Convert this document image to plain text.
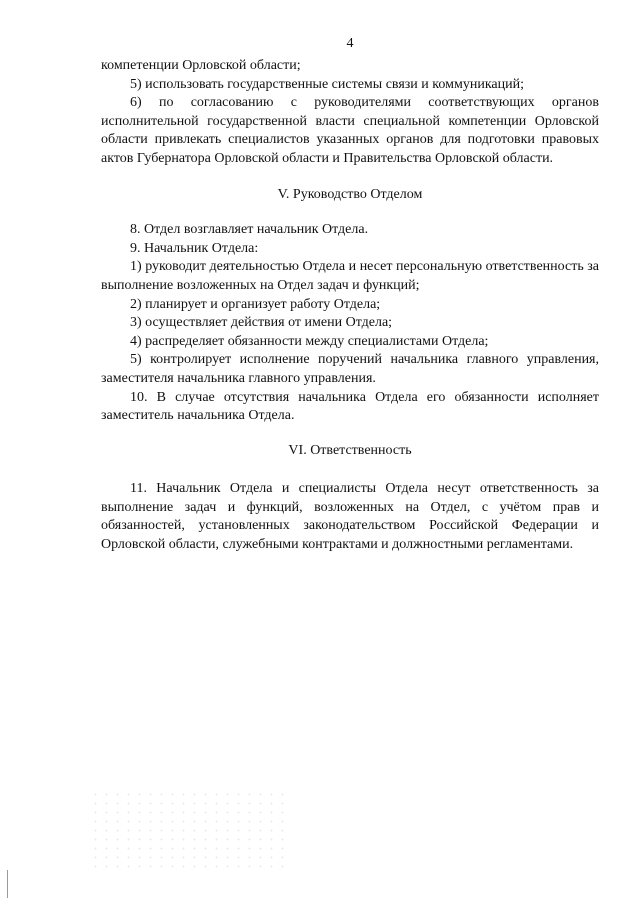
4

компетенции Орловской области;

5) использовать государственные системы связи и коммуникаций;

6) по согласованию с руководителями соответствующих органов исполнительной государственной власти специальной компетенции Орловской области привлекать специалистов указанных органов для подготовки правовых актов Губернатора Орловской области и Правительства Орловской области.

V. Руководство Отделом

8. Отдел возглавляет начальник Отдела.

9. Начальник Отдела:

1) руководит деятельностью Отдела и несет персональную ответственность за выполнение возложенных на Отдел задач и функций;

2) планирует и организует работу Отдела;

3) осуществляет действия от имени Отдела;

4) распределяет обязанности между специалистами Отдела;

5) контролирует исполнение поручений начальника главного управления, заместителя начальника главного управления.

10. В случае отсутствия начальника Отдела его обязанности исполняет заместитель начальника Отдела.

VI. Ответственность

11. Начальник Отдела и специалисты Отдела несут ответственность за выполнение задач и функций, возложенных на Отдел, с учётом прав и обязанностей, установленных законодательством Российской Федерации и Орловской области, служебными контрактами и должностными регламентами.
